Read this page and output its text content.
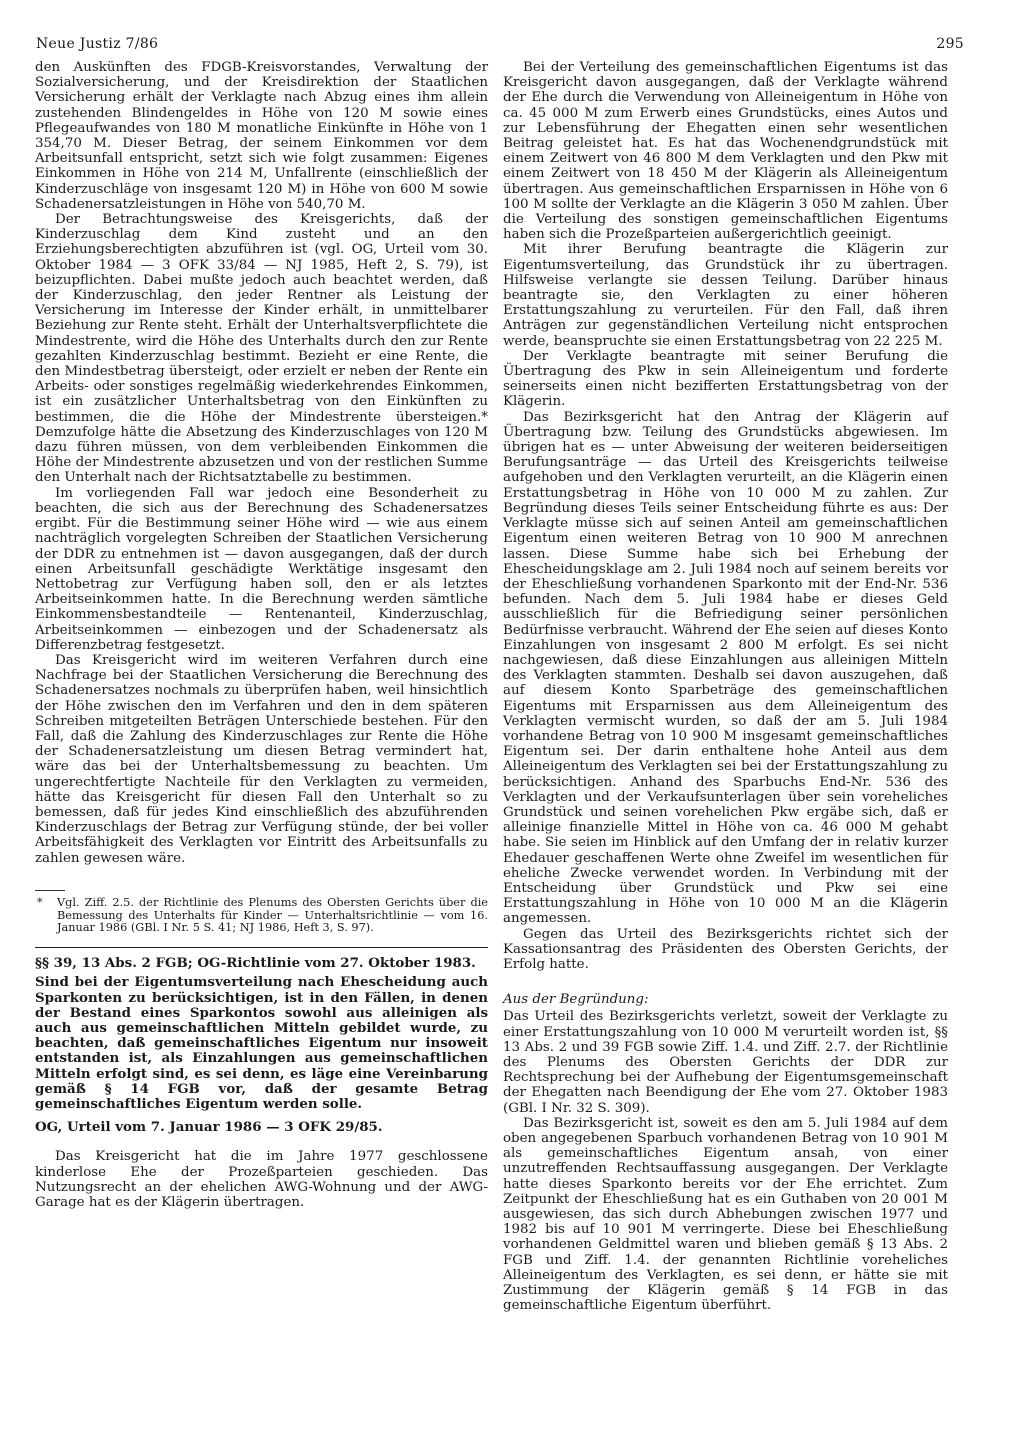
Neue Justiz 7/86	295

den Auskünften des FDGB-Kreisvorstandes, Verwaltung der Sozialversicherung, und der Kreisdirektion der Staatlichen Versicherung erhält der Verklagte nach Abzug eines ihm allein zustehenden Blindengeldes in Höhe von 120 M sowie eines Pflegeaufwandes von 180 M monatliche Einkünfte in Höhe von 1 354,70 M. Dieser Betrag, der seinem Einkommen vor dem Arbeitsunfall entspricht, setzt sich wie folgt zusammen: Eigenes Einkommen in Höhe von 214 M, Unfallrente (einschließlich der Kinderzuschläge von insgesamt 120 M) in Höhe von 600 M sowie Schadenersatzleistungen in Höhe von 540,70 M.

Der Betrachtungsweise des Kreisgerichts, daß der Kinderzuschlag dem Kind zusteht und an den Erziehungsberechtigten abzuführen ist (vgl. OG, Urteil vom 30. Oktober 1984 — 3 OFK 33/84 — NJ 1985, Heft 2, S. 79), ist beizupflichten. Dabei mußte jedoch auch beachtet werden, daß der Kinderzuschlag, den jeder Rentner als Leistung der Versicherung im Interesse der Kinder erhält, in unmittelbarer Beziehung zur Rente steht. Erhält der Unterhaltsverpflichtete die Mindestrente, wird die Höhe des Unterhalts durch den zur Rente gezahlten Kinderzuschlag bestimmt. Bezieht er eine Rente, die den Mindestbetrag übersteigt, oder erzielt er neben der Rente ein Arbeits- oder sonstiges regelmäßig wiederkehrendes Einkommen, ist ein zusätzlicher Unterhaltsbetrag von den Einkünften zu bestimmen, die die Höhe der Mindestrente übersteigen.* Demzufolge hätte die Absetzung des Kinderzuschlages von 120 M dazu führen müssen, von dem verbleibenden Einkommen die Höhe der Mindestrente abzusetzen und von der restlichen Summe den Unterhalt nach der Richtsatztabelle zu bestimmen.

Im vorliegenden Fall war jedoch eine Besonderheit zu beachten, die sich aus der Berechnung des Schadenersatzes ergibt. Für die Bestimmung seiner Höhe wird — wie aus einem nachträglich vorgelegten Schreiben der Staatlichen Versicherung der DDR zu entnehmen ist — davon ausgegangen, daß der durch einen Arbeitsunfall geschädigte Werktätige insgesamt den Nettobetrag zur Verfügung haben soll, den er als letztes Arbeitseinkommen hatte. In die Berechnung werden sämtliche Einkommensbestandteile — Rentenanteil, Kinderzuschlag, Arbeitseinkommen — einbezogen und der Schadenersatz als Differenzbetrag festgesetzt.

Das Kreisgericht wird im weiteren Verfahren durch eine Nachfrage bei der Staatlichen Versicherung die Berechnung des Schadenersatzes nochmals zu überprüfen haben, weil hinsichtlich der Höhe zwischen den im Verfahren und den in dem späteren Schreiben mitgeteilten Beträgen Unterschiede bestehen. Für den Fall, daß die Zahlung des Kinderzuschlages zur Rente die Höhe der Schadenersatzleistung um diesen Betrag vermindert hat, wäre das bei der Unterhaltsbemessung zu beachten. Um ungerechtfertigte Nachteile für den Verklagten zu vermeiden, hätte das Kreisgericht für diesen Fall den Unterhalt so zu bemessen, daß für jedes Kind einschließlich des abzuführenden Kinderzuschlags der Betrag zur Verfügung stünde, der bei voller Arbeitsfähigkeit des Verklagten vor Eintritt des Arbeitsunfalls zu zahlen gewesen wäre.

* Vgl. Ziff. 2.5. der Richtlinie des Plenums des Obersten Gerichts über die Bemessung des Unterhalts für Kinder — Unterhaltsrichtlinie — vom 16. Januar 1986 (GBl. I Nr. 5 S. 41; NJ 1986, Heft 3, S. 97).

§§ 39, 13 Abs. 2 FGB; OG-Richtlinie vom 27. Oktober 1983.

Sind bei der Eigentumsverteilung nach Ehescheidung auch Sparkonten zu berücksichtigen, ist in den Fällen, in denen der Bestand eines Sparkontos sowohl aus alleinigen als auch aus gemeinschaftlichen Mitteln gebildet wurde, zu beachten, daß gemeinschaftliches Eigentum nur insoweit entstanden ist, als Einzahlungen aus gemeinschaftlichen Mitteln erfolgt sind, es sei denn, es läge eine Vereinbarung gemäß § 14 FGB vor, daß der gesamte Betrag gemeinschaftliches Eigentum werden solle.

OG, Urteil vom 7. Januar 1986 — 3 OFK 29/85.

Das Kreisgericht hat die im Jahre 1977 geschlossene kinderlose Ehe der Prozeßparteien geschieden. Das Nutzungsrecht an der ehelichen AWG-Wohnung und der AWG-Garage hat es der Klägerin übertragen.

Bei der Verteilung des gemeinschaftlichen Eigentums ist das Kreisgericht davon ausgegangen, daß der Verklagte während der Ehe durch die Verwendung von Alleineigentum in Höhe von ca. 45 000 M zum Erwerb eines Grundstücks, eines Autos und zur Lebensführung der Ehegatten einen sehr wesentlichen Beitrag geleistet hat. Es hat das Wochenendgrundstück mit einem Zeitwert von 46 800 M dem Verklagten und den Pkw mit einem Zeitwert von 18 450 M der Klägerin als Alleineigentum übertragen. Aus gemeinschaftlichen Ersparnissen in Höhe von 6 100 M sollte der Verklagte an die Klägerin 3 050 M zahlen. Über die Verteilung des sonstigen gemeinschaftlichen Eigentums haben sich die Prozeßparteien außergerichtlich geeinigt.

Mit ihrer Berufung beantragte die Klägerin zur Eigentumsverteilung, das Grundstück ihr zu übertragen. Hilfsweise verlangte sie dessen Teilung. Darüber hinaus beantragte sie, den Verklagten zu einer höheren Erstattungszahlung zu verurteilen. Für den Fall, daß ihren Anträgen zur gegenständlichen Verteilung nicht entsprochen werde, beanspruchte sie einen Erstattungsbetrag von 22 225 M.

Der Verklagte beantragte mit seiner Berufung die Übertragung des Pkw in sein Alleineigentum und forderte seinerseits einen nicht bezifferten Erstattungsbetrag von der Klägerin.

Das Bezirksgericht hat den Antrag der Klägerin auf Übertragung bzw. Teilung des Grundstücks abgewiesen. Im übrigen hat es — unter Abweisung der weiteren beiderseitigen Berufungsanträge — das Urteil des Kreisgerichts teilweise aufgehoben und den Verklagten verurteilt, an die Klägerin einen Erstattungsbetrag in Höhe von 10 000 M zu zahlen. Zur Begründung dieses Teils seiner Entscheidung führte es aus: Der Verklagte müsse sich auf seinen Anteil am gemeinschaftlichen Eigentum einen weiteren Betrag von 10 900 M anrechnen lassen. Diese Summe habe sich bei Erhebung der Ehescheidungsklage am 2. Juli 1984 noch auf seinem bereits vor der Eheschließung vorhandenen Sparkonto mit der End-Nr. 536 befunden. Nach dem 5. Juli 1984 habe er dieses Geld ausschließlich für die Befriedigung seiner persönlichen Bedürfnisse verbraucht. Während der Ehe seien auf dieses Konto Einzahlungen von insgesamt 2 800 M erfolgt. Es sei nicht nachgewiesen, daß diese Einzahlungen aus alleinigen Mitteln des Verklagten stammten. Deshalb sei davon auszugehen, daß auf diesem Konto Sparbeträge des gemeinschaftlichen Eigentums mit Ersparnissen aus dem Alleineigentum des Verklagten vermischt wurden, so daß der am 5. Juli 1984 vorhandene Betrag von 10 900 M insgesamt gemeinschaftliches Eigentum sei. Der darin enthaltene hohe Anteil aus dem Alleineigentum des Verklagten sei bei der Erstattungszahlung zu berücksichtigen. Anhand des Sparbuchs End-Nr. 536 des Verklagten und der Verkaufsunterlagen über sein voreheliches Grundstück und seinen vorehelichen Pkw ergäbe sich, daß er alleinige finanzielle Mittel in Höhe von ca. 46 000 M gehabt habe. Sie seien im Hinblick auf den Umfang der in relativ kurzer Ehedauer geschaffenen Werte ohne Zweifel im wesentlichen für eheliche Zwecke verwendet worden. In Verbindung mit der Entscheidung über Grundstück und Pkw sei eine Erstattungszahlung in Höhe von 10 000 M an die Klägerin angemessen.

Gegen das Urteil des Bezirksgerichts richtet sich der Kassationsantrag des Präsidenten des Obersten Gerichts, der Erfolg hatte.

Aus der Begründung:

Das Urteil des Bezirksgerichts verletzt, soweit der Verklagte zu einer Erstattungszahlung von 10 000 M verurteilt worden ist, §§ 13 Abs. 2 und 39 FGB sowie Ziff. 1.4. und Ziff. 2.7. der Richtlinie des Plenums des Obersten Gerichts der DDR zur Rechtsprechung bei der Aufhebung der Eigentumsgemeinschaft der Ehegatten nach Beendigung der Ehe vom 27. Oktober 1983 (GBl. I Nr. 32 S. 309).

Das Bezirksgericht ist, soweit es den am 5. Juli 1984 auf dem oben angegebenen Sparbuch vorhandenen Betrag von 10 901 M als gemeinschaftliches Eigentum ansah, von einer unzutreffenden Rechtsauffassung ausgegangen. Der Verklagte hatte dieses Sparkonto bereits vor der Ehe errichtet. Zum Zeitpunkt der Eheschließung hat es ein Guthaben von 20 001 M ausgewiesen, das sich durch Abhebungen zwischen 1977 und 1982 bis auf 10 901 M verringerte. Diese bei Eheschließung vorhandenen Geldmittel waren und blieben gemäß § 13 Abs. 2 FGB und Ziff. 1.4. der genannten Richtlinie voreheliches Alleineigentum des Verklagten, es sei denn, er hätte sie mit Zustimmung der Klägerin gemäß § 14 FGB in das gemeinschaftliche Eigentum überführt.
